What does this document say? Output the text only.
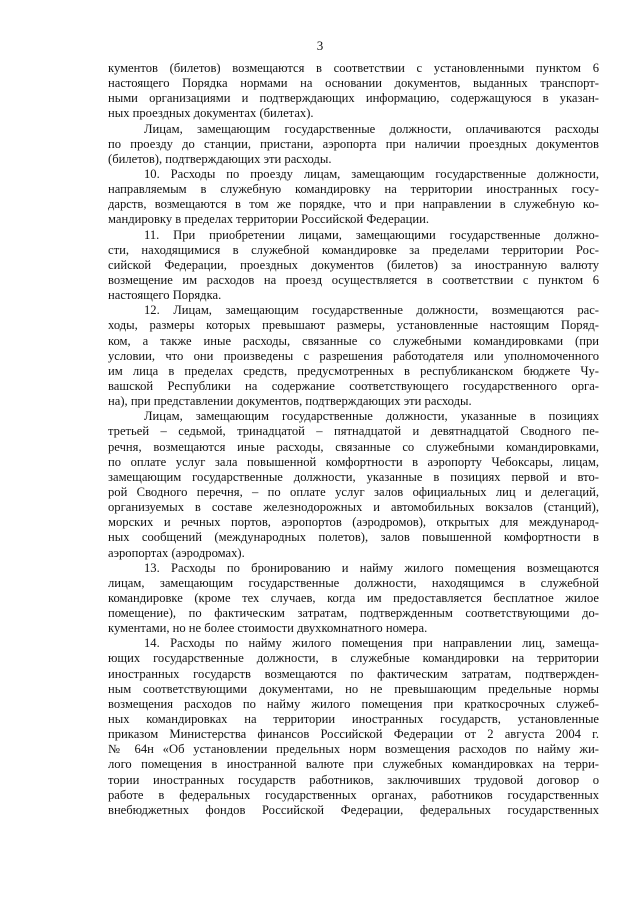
3
кументов (билетов) возмещаются в соответствии с установленными пунктом 6
настоящего Порядка нормами на основании документов, выданных транспорт-
ными организациями и подтверждающих информацию, содержащуюся в указан-
ных проездных документах (билетах).
Лицам, замещающим государственные должности, оплачиваются расходы
по проезду до станции, пристани, аэропорта при наличии проездных документов
(билетов), подтверждающих эти расходы.
10. Расходы по проезду лицам, замещающим государственные должности,
направляемым в служебную командировку на территории иностранных госу-
дарств, возмещаются в том же порядке, что и при направлении в служебную ко-
мандировку в пределах территории Российской Федерации.
11. При приобретении лицами, замещающими государственные должно-
сти, находящимися в служебной командировке за пределами территории Рос-
сийской Федерации, проездных документов (билетов) за иностранную валюту
возмещение им расходов на проезд осуществляется в соответствии с пунктом 6
настоящего Порядка.
12. Лицам, замещающим государственные должности, возмещаются рас-
ходы, размеры которых превышают размеры, установленные настоящим Поряд-
ком, а также иные расходы, связанные со служебными командировками (при
условии, что они произведены с разрешения работодателя или уполномоченного
им лица в пределах средств, предусмотренных в республиканском бюджете Чу-
вашской Республики на содержание соответствующего государственного орга-
на), при представлении документов, подтверждающих эти расходы.
Лицам, замещающим государственные должности, указанные в позициях
третьей – седьмой, тринадцатой – пятнадцатой и девятнадцатой Сводного пе-
речня, возмещаются иные расходы, связанные со служебными командировками,
по оплате услуг зала повышенной комфортности в аэропорту Чебоксары, лицам,
замещающим государственные должности, указанные в позициях первой и вто-
рой Сводного перечня, – по оплате услуг залов официальных лиц и делегаций,
организуемых в составе железнодорожных и автомобильных вокзалов (станций),
морских и речных портов, аэропортов (аэродромов), открытых для международ-
ных сообщений (международных полетов), залов повышенной комфортности в
аэропортах (аэродромах).
13. Расходы по бронированию и найму жилого помещения возмещаются
лицам, замещающим государственные должности, находящимся в служебной
командировке (кроме тех случаев, когда им предоставляется бесплатное жилое
помещение), по фактическим затратам, подтвержденным соответствующими до-
кументами, но не более стоимости двухкомнатного номера.
14. Расходы по найму жилого помещения при направлении лиц, замеща-
ющих государственные должности, в служебные командировки на территории
иностранных государств возмещаются по фактическим затратам, подтвержден-
ным соответствующими документами, но не превышающим предельные нормы
возмещения расходов по найму жилого помещения при краткосрочных служеб-
ных командировках на территории иностранных государств, установленные
приказом Министерства финансов Российской Федерации от 2 августа 2004 г.
№ 64н «Об установлении предельных норм возмещения расходов по найму жи-
лого помещения в иностранной валюте при служебных командировках на терри-
тории иностранных государств работников, заключивших трудовой договор о
работе в федеральных государственных органах, работников государственных
внебюджетных фондов Российской Федерации, федеральных государственных
